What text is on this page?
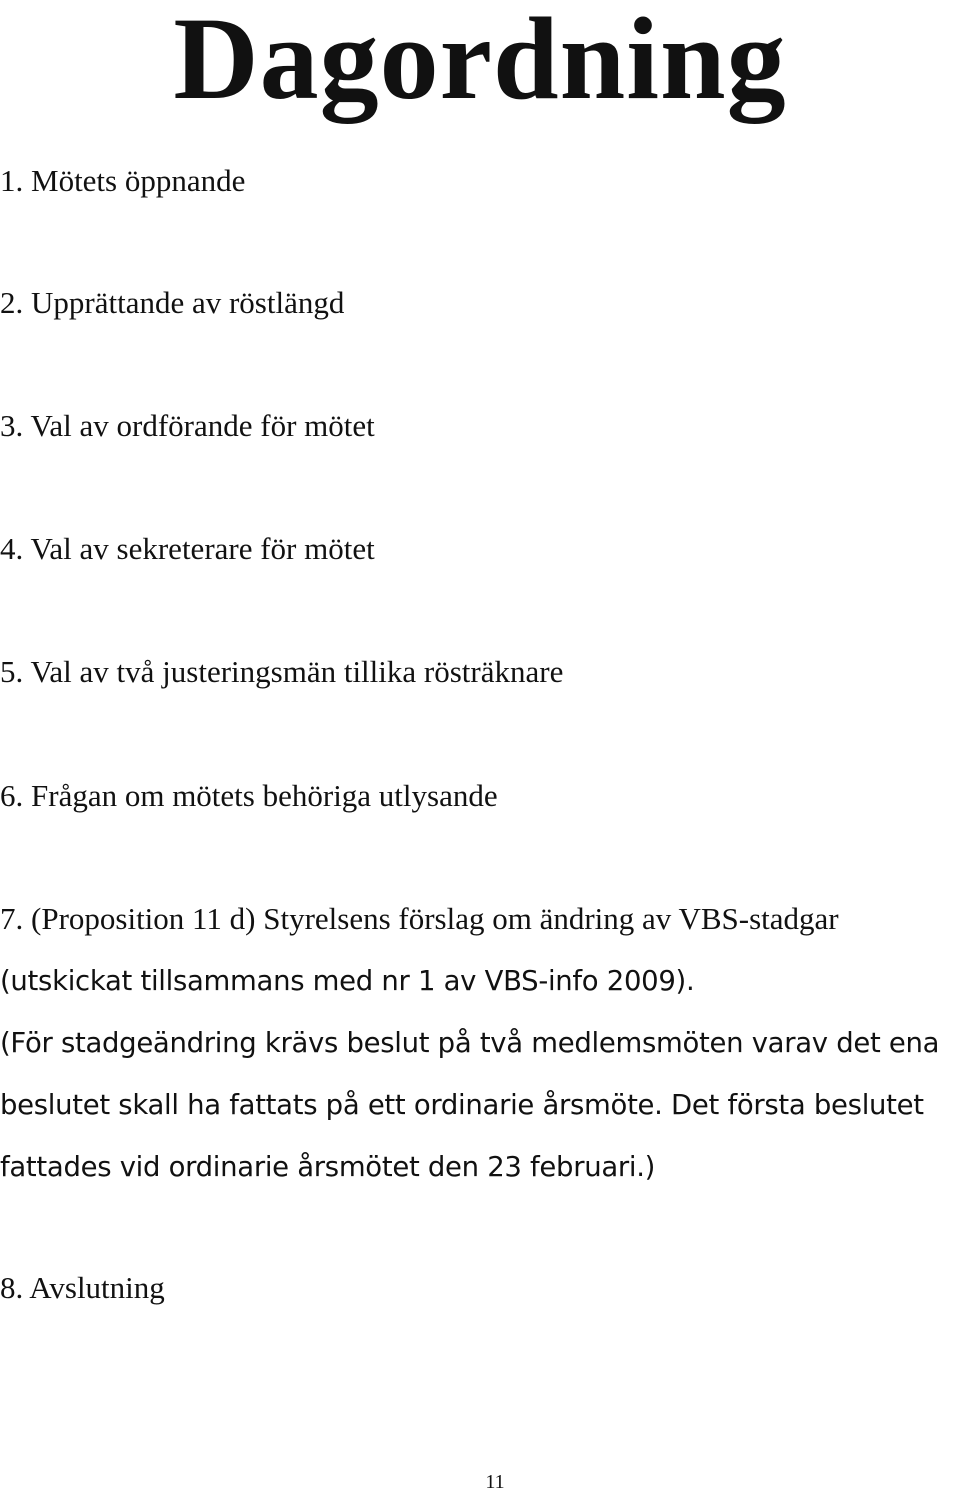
Dagordning
1. Mötets öppnande
2. Upprättande av röstlängd
3. Val av ordförande för mötet
4. Val av sekreterare för mötet
5. Val av två justeringsmän tillika rösträknare
6. Frågan om mötets behöriga utlysande
7. (Proposition 11 d) Styrelsens förslag om ändring av VBS-stadgar
(utskickat tillsammans med nr 1 av VBS-info 2009).
(För stadgeändring krävs beslut på två medlemsmöten varav det ena
beslutet skall ha fattats på ett ordinarie årsmöte. Det första beslutet
fattades vid ordinarie årsmötet den 23 februari.)
8. Avslutning
11
